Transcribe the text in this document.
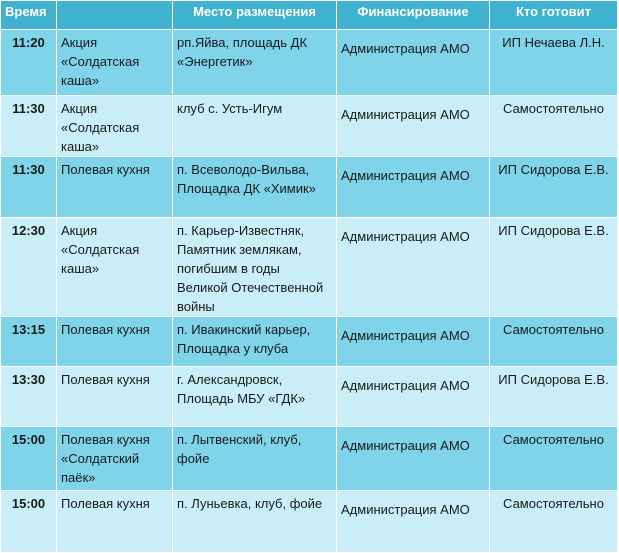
Время		Место размещения	Финансирование	Кто готовит
11:20	Акция «Солдатская каша»	рп.Яйва, площадь ДК «Энергетик»	Администрация АМО	ИП Нечаева Л.Н.
11:30	Акция «Солдатская каша»	клуб с. Усть-Игум	Администрация АМО	Самостоятельно
11:30	Полевая кухня	п. Всеволодо-Вильва, Площадка ДК «Химик»	Администрация АМО	ИП Сидорова Е.В.
12:30	Акция «Солдатская каша»	п. Карьер-Известняк, Памятник землякам, погибшим в годы Великой Отечественной войны	Администрация АМО	ИП Сидорова Е.В.
13:15	Полевая кухня	п. Ивакинский карьер, Площадка у клуба	Администрация АМО	Самостоятельно
13:30	Полевая кухня	г. Александровск, Площадь МБУ «ГДК»	Администрация АМО	ИП Сидорова Е.В.
15:00	Полевая кухня «Солдатский паёк»	п. Лытвенский, клуб, фойе	Администрация АМО	Самостоятельно
15:00	Полевая кухня	п. Луньевка, клуб, фойе	Администрация АМО	Самостоятельно
